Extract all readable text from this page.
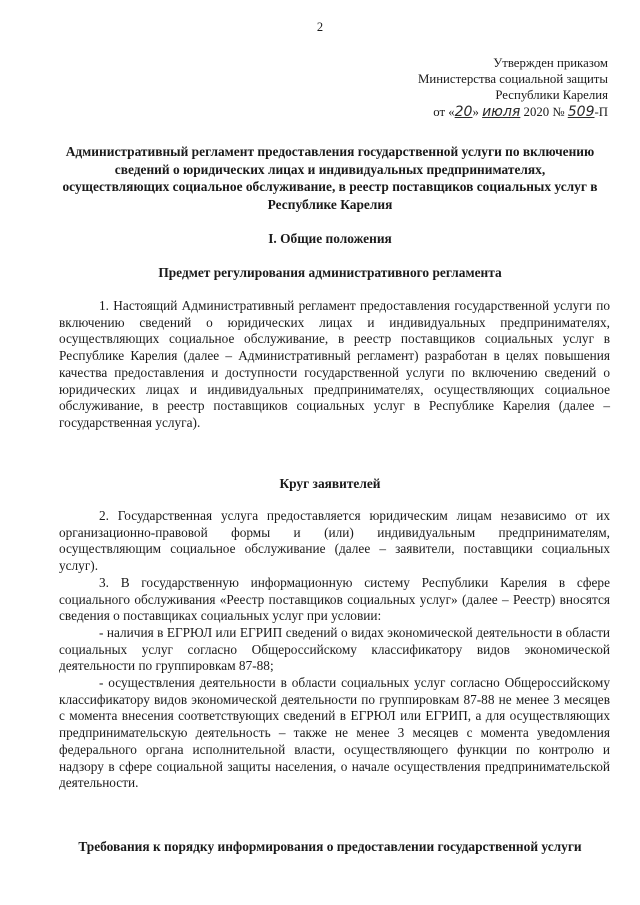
2
Утвержден приказом
Министерства социальной защиты
Республики Карелия
от «20» июля 2020 № 509-П

Административный регламент предоставления государственной услуги по включению сведений о юридических лицах и индивидуальных предпринимателях, осуществляющих социальное обслуживание, в реестр поставщиков социальных услуг в Республике Карелия

I. Общие положения

Предмет регулирования административного регламента

1. Настоящий Административный регламент предоставления государственной услуги по включению сведений о юридических лицах и индивидуальных предпринимателях, осуществляющих социальное обслуживание, в реестр поставщиков социальных услуг в Республике Карелия (далее – Административный регламент) разработан в целях повышения качества предоставления и доступности государственной услуги по включению сведений о юридических лицах и индивидуальных предпринимателях, осуществляющих социальное обслуживание, в реестр поставщиков социальных услуг в Республике Карелия (далее – государственная услуга).

Круг заявителей

2. Государственная услуга предоставляется юридическим лицам независимо от их организационно-правовой формы и (или) индивидуальным предпринимателям, осуществляющим социальное обслуживание (далее – заявители, поставщики социальных услуг).

3. В государственную информационную систему Республики Карелия в сфере социального обслуживания «Реестр поставщиков социальных услуг» (далее – Реестр) вносятся сведения о поставщиках социальных услуг при условии:

- наличия в ЕГРЮЛ или ЕГРИП сведений о видах экономической деятельности в области социальных услуг согласно Общероссийскому классификатору видов экономической деятельности по группировкам 87-88;

- осуществления деятельности в области социальных услуг согласно Общероссийскому классификатору видов экономической деятельности по группировкам 87-88 не менее 3 месяцев с момента внесения соответствующих сведений в ЕГРЮЛ или ЕГРИП, а для осуществляющих предпринимательскую деятельность – также не менее 3 месяцев с момента уведомления федерального органа исполнительной власти, осуществляющего функции по контролю и надзору в сфере социальной защиты населения, о начале осуществления предпринимательской деятельности.

Требования к порядку информирования о предоставлении государственной услуги
